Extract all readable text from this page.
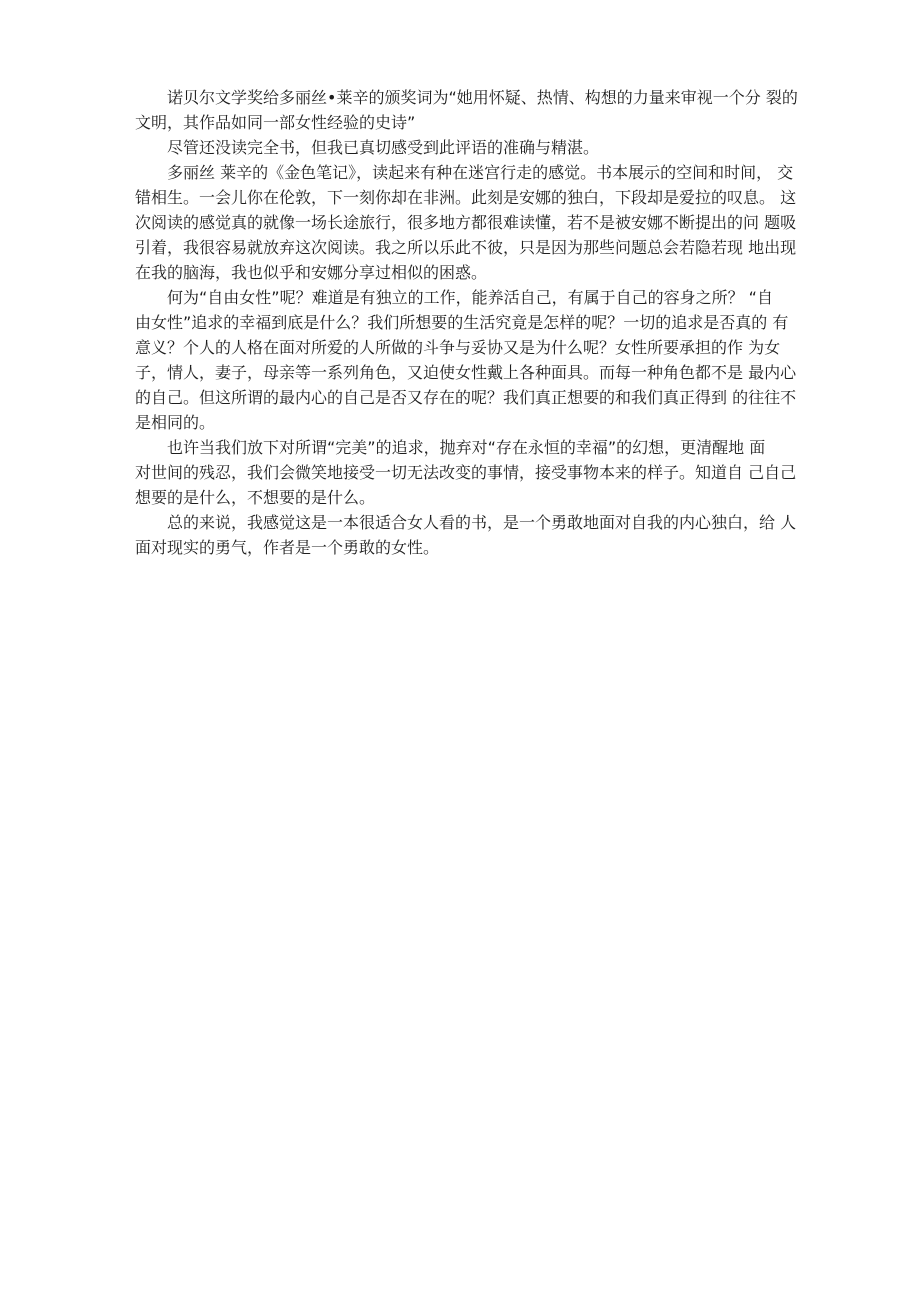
诺贝尔文学奖给多丽丝•莱辛的颁奖词为“她用怀疑、热情、构想的力量来审视一个分 裂的
文明，其作品如同一部女性经验的史诗”
尽管还没读完全书，但我已真切感受到此评语的准确与精湛。
多丽丝 莱辛的《金色笔记》，读起来有种在迷宫行走的感觉。书本展示的空间和时间， 交
错相生。一会儿你在伦敦，下一刻你却在非洲。此刻是安娜的独白，下段却是爱拉的叹息。 这
次阅读的感觉真的就像一场长途旅行，很多地方都很难读懂，若不是被安娜不断提出的问 题吸
引着，我很容易就放弃这次阅读。我之所以乐此不彼，只是因为那些问题总会若隐若现 地出现
在我的脑海，我也似乎和安娜分享过相似的困惑。
何为“自由女性”呢？难道是有独立的工作，能养活自己，有属于自己的容身之所？ “自
由女性”追求的幸福到底是什么？我们所想要的生活究竟是怎样的呢？一切的追求是否真的 有
意义？个人的人格在面对所爱的人所做的斗争与妥协又是为什么呢？女性所要承担的作 为女
子，情人，妻子，母亲等一系列角色，又迫使女性戴上各种面具。而每一种角色都不是 最内心
的自己。但这所谓的最内心的自己是否又存在的呢？我们真正想要的和我们真正得到 的往往不
是相同的。
也许当我们放下对所谓“完美”的追求，抛弃对“存在永恒的幸福”的幻想，更清醒地 面
对世间的残忍，我们会微笑地接受一切无法改变的事情，接受事物本来的样子。知道自 己自己
想要的是什么，不想要的是什么。
总的来说，我感觉这是一本很适合女人看的书，是一个勇敢地面对自我的内心独白，给 人
面对现实的勇气，作者是一个勇敢的女性。
